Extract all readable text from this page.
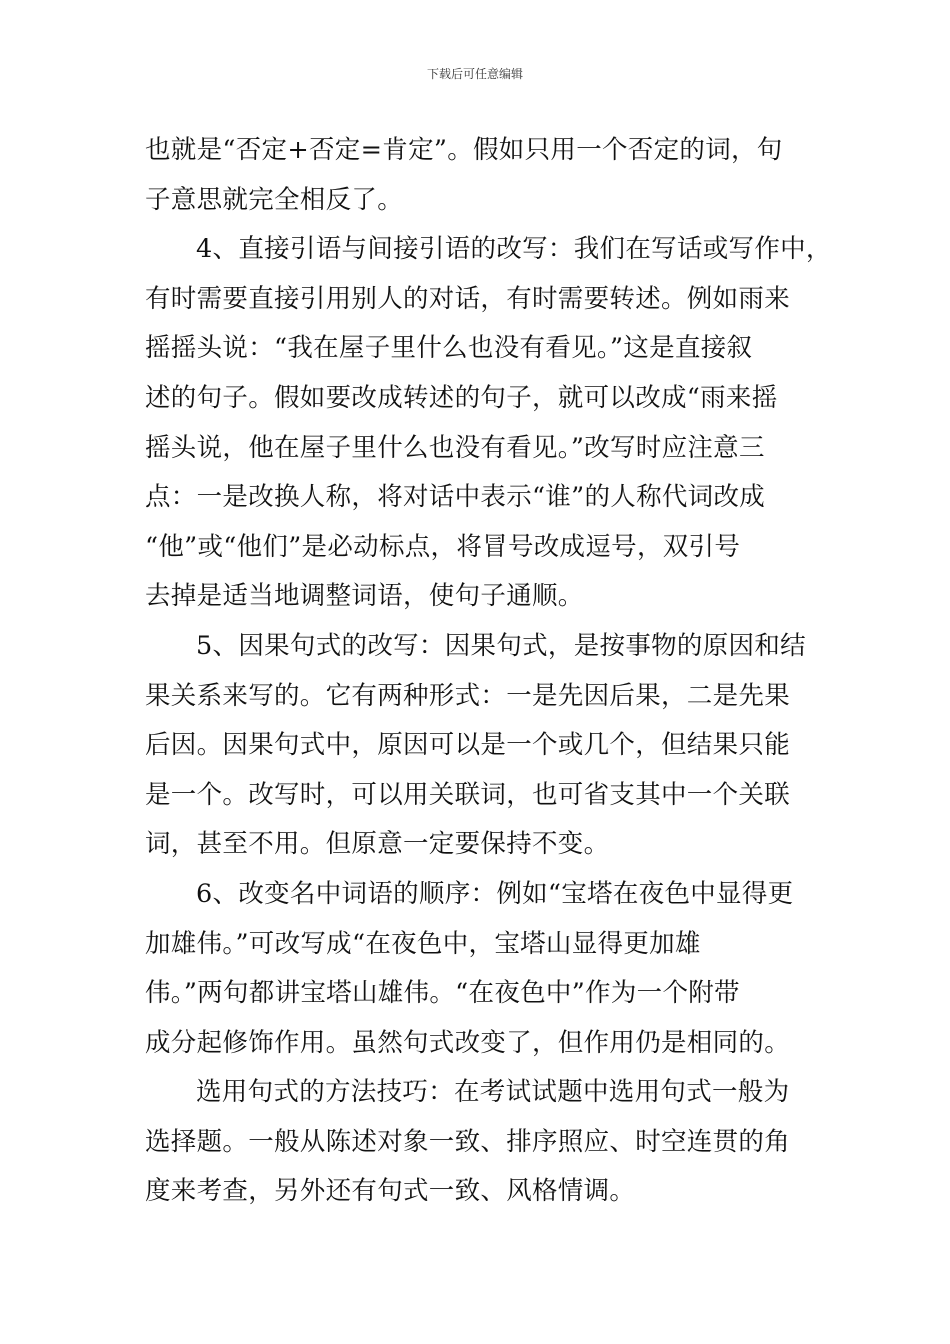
下载后可任意编辑
也就是“否定+否定=肯定”。假如只用一个否定的词，句
子意思就完全相反了。
4、直接引语与间接引语的改写：我们在写话或写作中，
有时需要直接引用别人的对话，有时需要转述。例如雨来
摇摇头说：“我在屋子里什么也没有看见。”这是直接叙
述的句子。假如要改成转述的句子，就可以改成“雨来摇
摇头说，他在屋子里什么也没有看见。”改写时应注意三
点：一是改换人称，将对话中表示“谁”的人称代词改成
“他”或“他们”是必动标点，将冒号改成逗号，双引号
去掉是适当地调整词语，使句子通顺。
5、因果句式的改写：因果句式，是按事物的原因和结
果关系来写的。它有两种形式：一是先因后果，二是先果
后因。因果句式中，原因可以是一个或几个，但结果只能
是一个。改写时，可以用关联词，也可省支其中一个关联
词，甚至不用。但原意一定要保持不变。
6、改变名中词语的顺序：例如“宝塔在夜色中显得更
加雄伟。”可改写成“在夜色中，宝塔山显得更加雄
伟。”两句都讲宝塔山雄伟。“在夜色中”作为一个附带
成分起修饰作用。虽然句式改变了，但作用仍是相同的。
选用句式的方法技巧：在考试试题中选用句式一般为
选择题。一般从陈述对象一致、排序照应、时空连贯的角
度来考查，另外还有句式一致、风格情调。
